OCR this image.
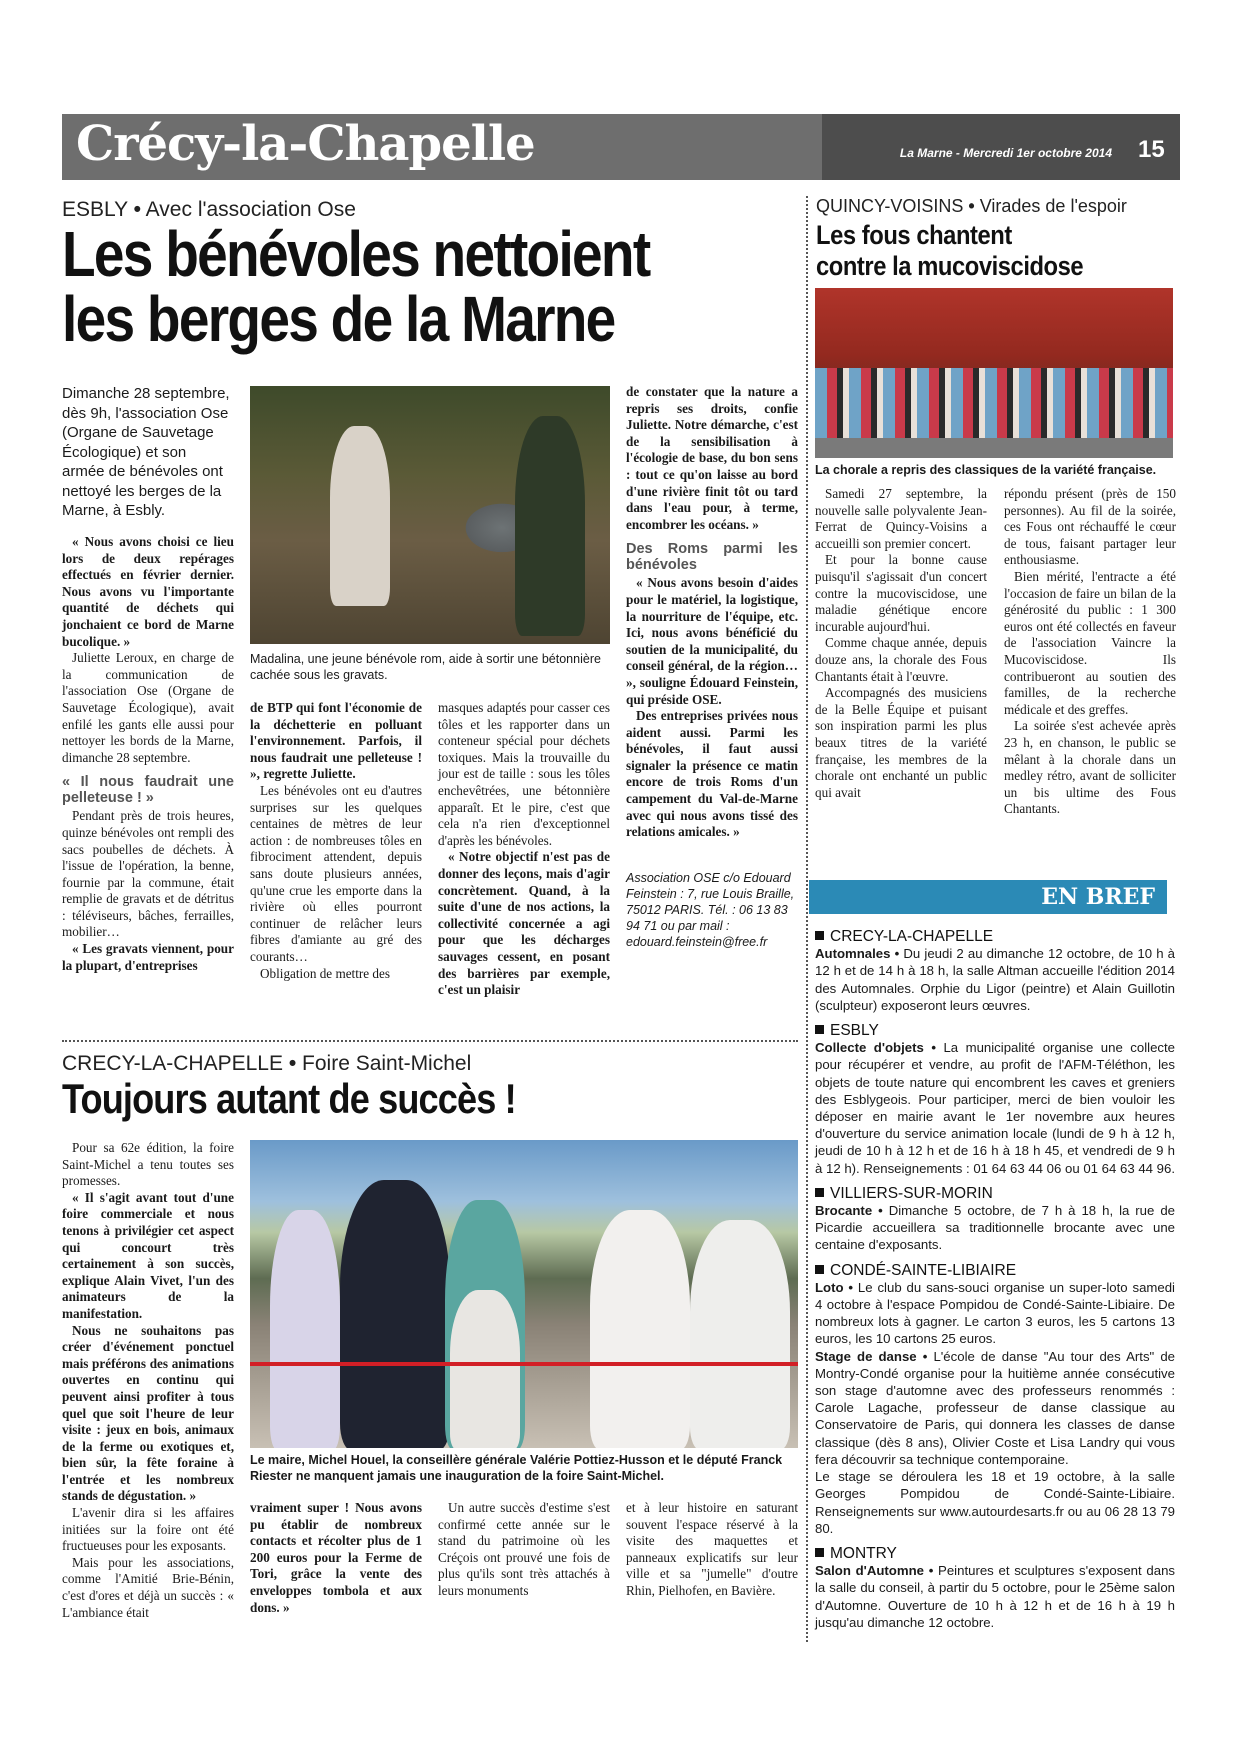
Crécy-la-Chapelle	La Marne - Mercredi 1er octobre 2014 15
ESBLY • Avec l'association Ose
Les bénévoles nettoient
les berges de la Marne
Dimanche 28 septembre, dès 9h, l'association Ose (Organe de Sauvetage Écologique) et son armée de bénévoles ont nettoyé les berges de la Marne, à Esbly.

« Nous avons choisi ce lieu lors de deux repérages effectués en février dernier. Nous avons vu l'importante quantité de déchets qui jonchaient ce bord de Marne bucolique. »

Juliette Leroux, en charge de la communication de l'association Ose (Organe de Sauvetage Écologique), avait enfilé les gants elle aussi pour nettoyer les bords de la Marne, dimanche 28 septembre.

« Il nous faudrait une pelleteuse ! »

Pendant près de trois heures, quinze bénévoles ont rempli des sacs poubelles de déchets. À l'issue de l'opération, la benne, fournie par la commune, était remplie de gravats et de détritus : téléviseurs, bâches, ferrailles, mobilier…

« Les gravats viennent, pour la plupart, d'entreprises

Madalina, une jeune bénévole rom, aide à sortir une bétonnière cachée sous les gravats.

de BTP qui font l'économie de la déchetterie en polluant l'environnement. Parfois, il nous faudrait une pelleteuse ! », regrette Juliette.

Les bénévoles ont eu d'autres surprises sur les quelques centaines de mètres de leur action : de nombreuses tôles en fibrociment attendent, depuis sans doute plusieurs années, qu'une crue les emporte dans la rivière où elles pourront continuer de relâcher leurs fibres d'amiante au gré des courants…

Obligation de mettre des

masques adaptés pour casser ces tôles et les rapporter dans un conteneur spécial pour déchets toxiques. Mais la trouvaille du jour est de taille : sous les tôles enchevêtrées, une bétonnière apparaît. Et le pire, c'est que cela n'a rien d'exceptionnel d'après les bénévoles.

« Notre objectif n'est pas de donner des leçons, mais d'agir concrètement. Quand, à la suite d'une de nos actions, la collectivité concernée a agi pour que les décharges sauvages cessent, en posant des barrières par exemple, c'est un plaisir

de constater que la nature a repris ses droits, confie Juliette. Notre démarche, c'est de la sensibilisation à l'écologie de base, du bon sens : tout ce qu'on laisse au bord d'une rivière finit tôt ou tard dans l'eau pour, à terme, encombrer les océans. »

Des Roms parmi les bénévoles

« Nous avons besoin d'aides pour le matériel, la logistique, la nourriture de l'équipe, etc. Ici, nous avons bénéficié du soutien de la municipalité, du conseil général, de la région… », souligne Édouard Feinstein, qui préside OSE.

Des entreprises privées nous aident aussi. Parmi les bénévoles, il faut aussi signaler la présence ce matin encore de trois Roms d'un campement du Val-de-Marne avec qui nous avons tissé des relations amicales. »

Association OSE c/o Edouard Feinstein : 7, rue Louis Braille, 75012 PARIS. Tél. : 06 13 83 94 71 ou par mail : edouard.feinstein@free.fr
QUINCY-VOISINS • Virades de l'espoir
Les fous chantent
contre la mucoviscidose
La chorale a repris des classiques de la variété française.

Samedi 27 septembre, la nouvelle salle polyvalente Jean-Ferrat de Quincy-Voisins a accueilli son premier concert.

Et pour la bonne cause puisqu'il s'agissait d'un concert contre la mucoviscidose, une maladie génétique encore incurable aujourd'hui.

Comme chaque année, depuis douze ans, la chorale des Fous Chantants était à l'œuvre.

Accompagnés des musiciens de la Belle Équipe et puisant son inspiration parmi les plus beaux titres de la variété française, les membres de la chorale ont enchanté un public qui avait

répondu présent (près de 150 personnes). Au fil de la soirée, ces Fous ont réchauffé le cœur de tous, faisant partager leur enthousiasme.

Bien mérité, l'entracte a été l'occasion de faire un bilan de la générosité du public : 1 300 euros ont été collectés en faveur de l'association Vaincre la Mucoviscidose. Ils contribueront au soutien des familles, de la recherche médicale et des greffes.

La soirée s'est achevée après 23 h, en chanson, le public se mêlant à la chorale dans un medley rétro, avant de solliciter un bis ultime des Fous Chantants.

EN BREF
CRECY-LA-CHAPELLE

Automnales • Du jeudi 2 au dimanche 12 octobre, de 10 h à 12 h et de 14 h à 18 h, la salle Altman accueille l'édition 2014 des Automnales. Orphie du Ligor (peintre) et Alain Guillotin (sculpteur) exposeront leurs œuvres.

ESBLY

Collecte d'objets • La municipalité organise une collecte pour récupérer et vendre, au profit de l'AFM-Téléthon, les objets de toute nature qui encombrent les caves et greniers des Esblygeois. Pour participer, merci de bien vouloir les déposer en mairie avant le 1er novembre aux heures d'ouverture du service animation locale (lundi de 9 h à 12 h, jeudi de 10 h à 12 h et de 16 h à 18 h 45, et vendredi de 9 h à 12 h). Renseignements : 01 64 63 44 06 ou 01 64 63 44 96.

VILLIERS-SUR-MORIN

Brocante • Dimanche 5 octobre, de 7 h à 18 h, la rue de Picardie accueillera sa traditionnelle brocante avec une centaine d'exposants.

CONDÉ-SAINTE-LIBIAIRE

Loto • Le club du sans-souci organise un super-loto samedi 4 octobre à l'espace Pompidou de Condé-Sainte-Libiaire. De nombreux lots à gagner. Le carton 3 euros, les 5 cartons 13 euros, les 10 cartons 25 euros.

Stage de danse • L'école de danse "Au tour des Arts" de Montry-Condé organise pour la huitième année consécutive son stage d'automne avec des professeurs renommés : Carole Lagache, professeur de danse classique au Conservatoire de Paris, qui donnera les classes de danse classique (dès 8 ans), Olivier Coste et Lisa Landry qui vous fera découvrir sa technique contemporaine.

Le stage se déroulera les 18 et 19 octobre, à la salle Georges Pompidou de Condé-Sainte-Libiaire. Renseignements sur www.autourdesarts.fr ou au 06 28 13 79 80.

MONTRY

Salon d'Automne • Peintures et sculptures s'exposent dans la salle du conseil, à partir du 5 octobre, pour le 25ème salon d'Automne. Ouverture de 10 h à 12 h et de 16 h à 19 h jusqu'au dimanche 12 octobre.

CRECY-LA-CHAPELLE • Foire Saint-Michel
Toujours autant de succès !

Pour sa 62e édition, la foire Saint-Michel a tenu toutes ses promesses.

« Il s'agit avant tout d'une foire commerciale et nous tenons à privilégier cet aspect qui concourt très certainement à son succès, explique Alain Vivet, l'un des animateurs de la manifestation.

Nous ne souhaitons pas créer d'événement ponctuel mais préférons des animations ouvertes en continu qui peuvent ainsi profiter à tous quel que soit l'heure de leur visite : jeux en bois, animaux de la ferme ou exotiques et, bien sûr, la fête foraine à l'entrée et les nombreux stands de dégustation. »

L'avenir dira si les affaires initiées sur la foire ont été fructueuses pour les exposants.

Mais pour les associations, comme l'Amitié Brie-Bénin, c'est d'ores et déjà un succès : « L'ambiance était

Le maire, Michel Houel, la conseillère générale Valérie Pottiez-Husson et le député Franck Riester ne manquent jamais une inauguration de la foire Saint-Michel.

vraiment super ! Nous avons pu établir de nombreux contacts et récolter plus de 1 200 euros pour la Ferme de Tori, grâce la vente des enveloppes tombola et aux dons. »

Un autre succès d'estime s'est confirmé cette année sur le stand du patrimoine où les Créçois ont prouvé une fois de plus qu'ils sont très attachés à leurs monuments

et à leur histoire en saturant souvent l'espace réservé à la visite des maquettes et panneaux explicatifs sur leur ville et sa "jumelle" d'outre Rhin, Pielhofen, en Bavière.
